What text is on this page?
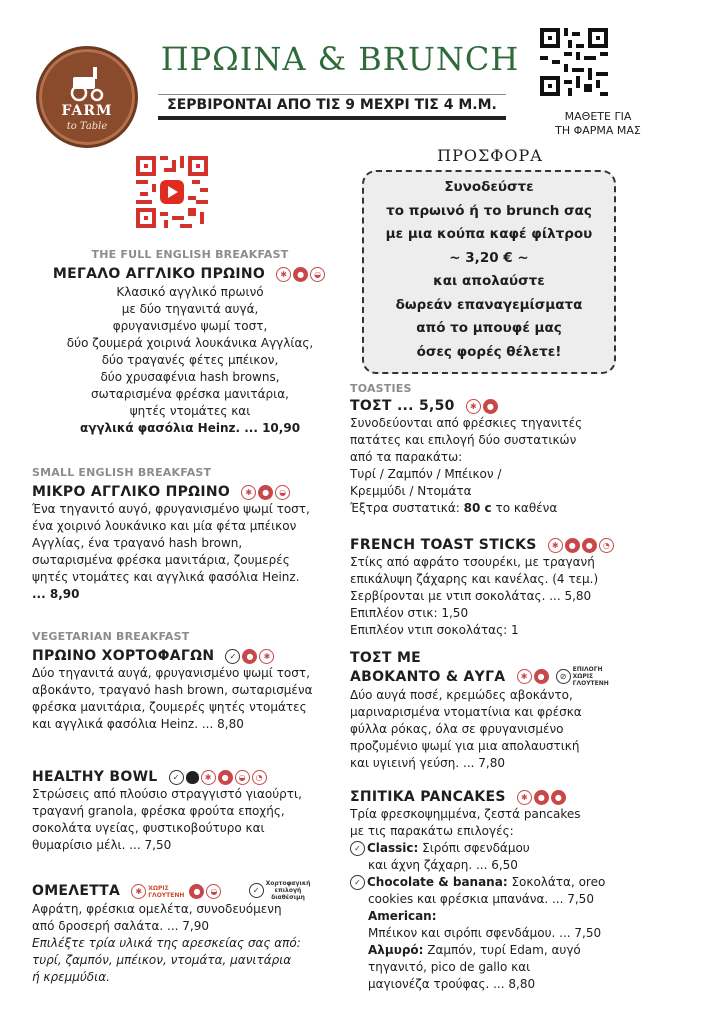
FARM
to Table
ΠΡΩΙΝΑ & BRUNCH
ΣΕΡΒΙΡΟΝΤΑΙ ΑΠΟ ΤΙΣ 9 ΜΕΧΡΙ ΤΙΣ 4 Μ.Μ.
ΜΑΘΕΤΕ ΓΙΑ
ΤΗ ΦΑΡΜΑ ΜΑΣ
ΠΡΟΣΦΟΡΑ
Συνοδεύστε
το πρωινό ή το brunch σας
με μια κούπα καφέ φίλτρου
~ 3,20 € ~
και απολαύστε
δωρεάν επαναγεμίσματα
από το μπουφέ μας
όσες φορές θέλετε!
THE FULL ENGLISH BREAKFAST
ΜΕΓΑΛΟ ΑΓΓΛΙΚΟ ΠΡΩΙΝΟ ✱ ● ◒
Κλασικό αγγλικό πρωινό
με δύο τηγανιτά αυγά,
φρυγανισμένο ψωμί τοστ,
δύο ζουμερά χοιρινά λουκάνικα Αγγλίας,
δύο τραγανές φέτες μπέικον,
δύο χρυσαφένια hash browns,
σωταρισμένα φρέσκα μανιτάρια,
ψητές ντομάτες και
αγγλικά φασόλια Heinz. ... 10,90
SMALL ENGLISH BREAKFAST
ΜΙΚΡΟ ΑΓΓΛΙΚΟ ΠΡΩΙΝΟ ✱ ● ◒
Ένα τηγανιτό αυγό, φρυγανισμένο ψωμί τοστ,
ένα χοιρινό λουκάνικο και μία φέτα μπέικον
Αγγλίας, ένα τραγανό hash brown,
σωταρισμένα φρέσκα μανιτάρια, ζουμερές
ψητές ντομάτες και αγγλικά φασόλια Heinz.
... 8,90
VEGETARIAN BREAKFAST
ΠΡΩΙΝΟ ΧΟΡΤΟΦΑΓΩΝ ✓ ● ✱
Δύο τηγανιτά αυγά, φρυγανισμένο ψωμί τοστ,
αβοκάντο, τραγανό hash brown, σωταρισμένα
φρέσκα μανιτάρια, ζουμερές ψητές ντομάτες
και αγγλικά φασόλια Heinz. ... 8,80
HEALTHY BOWL ✓	✱ ● ◒ ◔
Στρώσεις από πλούσιο στραγγιστό γιαούρτι,
τραγανή granola, φρέσκα φρούτα εποχής,
σοκολάτα υγείας, φυστικοβούτυρο και
θυμαρίσιο μέλι. ... 7,50
ΟΜΕΛΕΤΤΑ ✱ ΧΩΡΙΣ
ΓΛΟΥΤΕΝΗ ● ◒	✓Χορτοφαγική
επιλογή
διαθέσιμη
Αφράτη, φρέσκια ομελέτα, συνοδευόμενη
από δροσερή σαλάτα. ... 7,90
Επιλέξτε τρία υλικά της αρεσκείας σας από:
τυρί, ζαμπόν, μπέικον, ντομάτα, μανιτάρια
ή κρεμμύδια.
TOASTIES
ΤΟΣΤ ... 5,50 ✱ ●
Συνοδεύονται από φρέσκιες τηγανιτές
πατάτες και επιλογή δύο συστατικών
από τα παρακάτω:
Τυρί / Ζαμπόν / Μπέικον /
Κρεμμύδι / Ντομάτα
Έξτρα συστατικά: 80 c το καθένα
FRENCH TOAST STICKS ✱ ● ● ◔
Στίκς από αφράτο τσουρέκι, με τραγανή
επικάλυψη ζάχαρης και κανέλας. (4 τεμ.)
Σερβίρονται με ντιπ σοκολάτας. ... 5,80
Επιπλέον στικ: 1,50
Επιπλέον ντιπ σοκολάτας: 1
ΤΟΣΤ ΜΕ
ΑΒΟΚΑΝΤΟ & ΑΥΓΑ ✱ ● ⊘ΕΠΙΛΟΓΗ
ΧΩΡΙΣ
ΓΛΟΥΤΕΝΗ
Δύο αυγά ποσέ, κρεμώδες αβοκάντο,
μαριναρισμένα ντοματίνια και φρέσκα
φύλλα ρόκας, όλα σε φρυγανισμένο
προζυμένιο ψωμί για μια απολαυστική
και υγιεινή γεύση. ... 7,80
ΣΠΙΤΙΚΑ PANCAKES ✱ ● ●
Τρία φρεσκοψημμένα, ζεστά pancakes
με τις παρακάτω επιλογές:
✓ Classic: Σιρόπι σφενδάμου
και άχνη ζάχαρη. ... 6,50
✓ Chocolate & banana: Σοκολάτα, oreo
cookies και φρέσκια μπανάνα. ... 7,50
American:
Μπέικον και σιρόπι σφενδάμου. ... 7,50
Αλμυρό: Ζαμπόν, τυρί Edam, αυγό
τηγανιτό, pico de gallo και
μαγιονέζα τρούφας. ... 8,80
